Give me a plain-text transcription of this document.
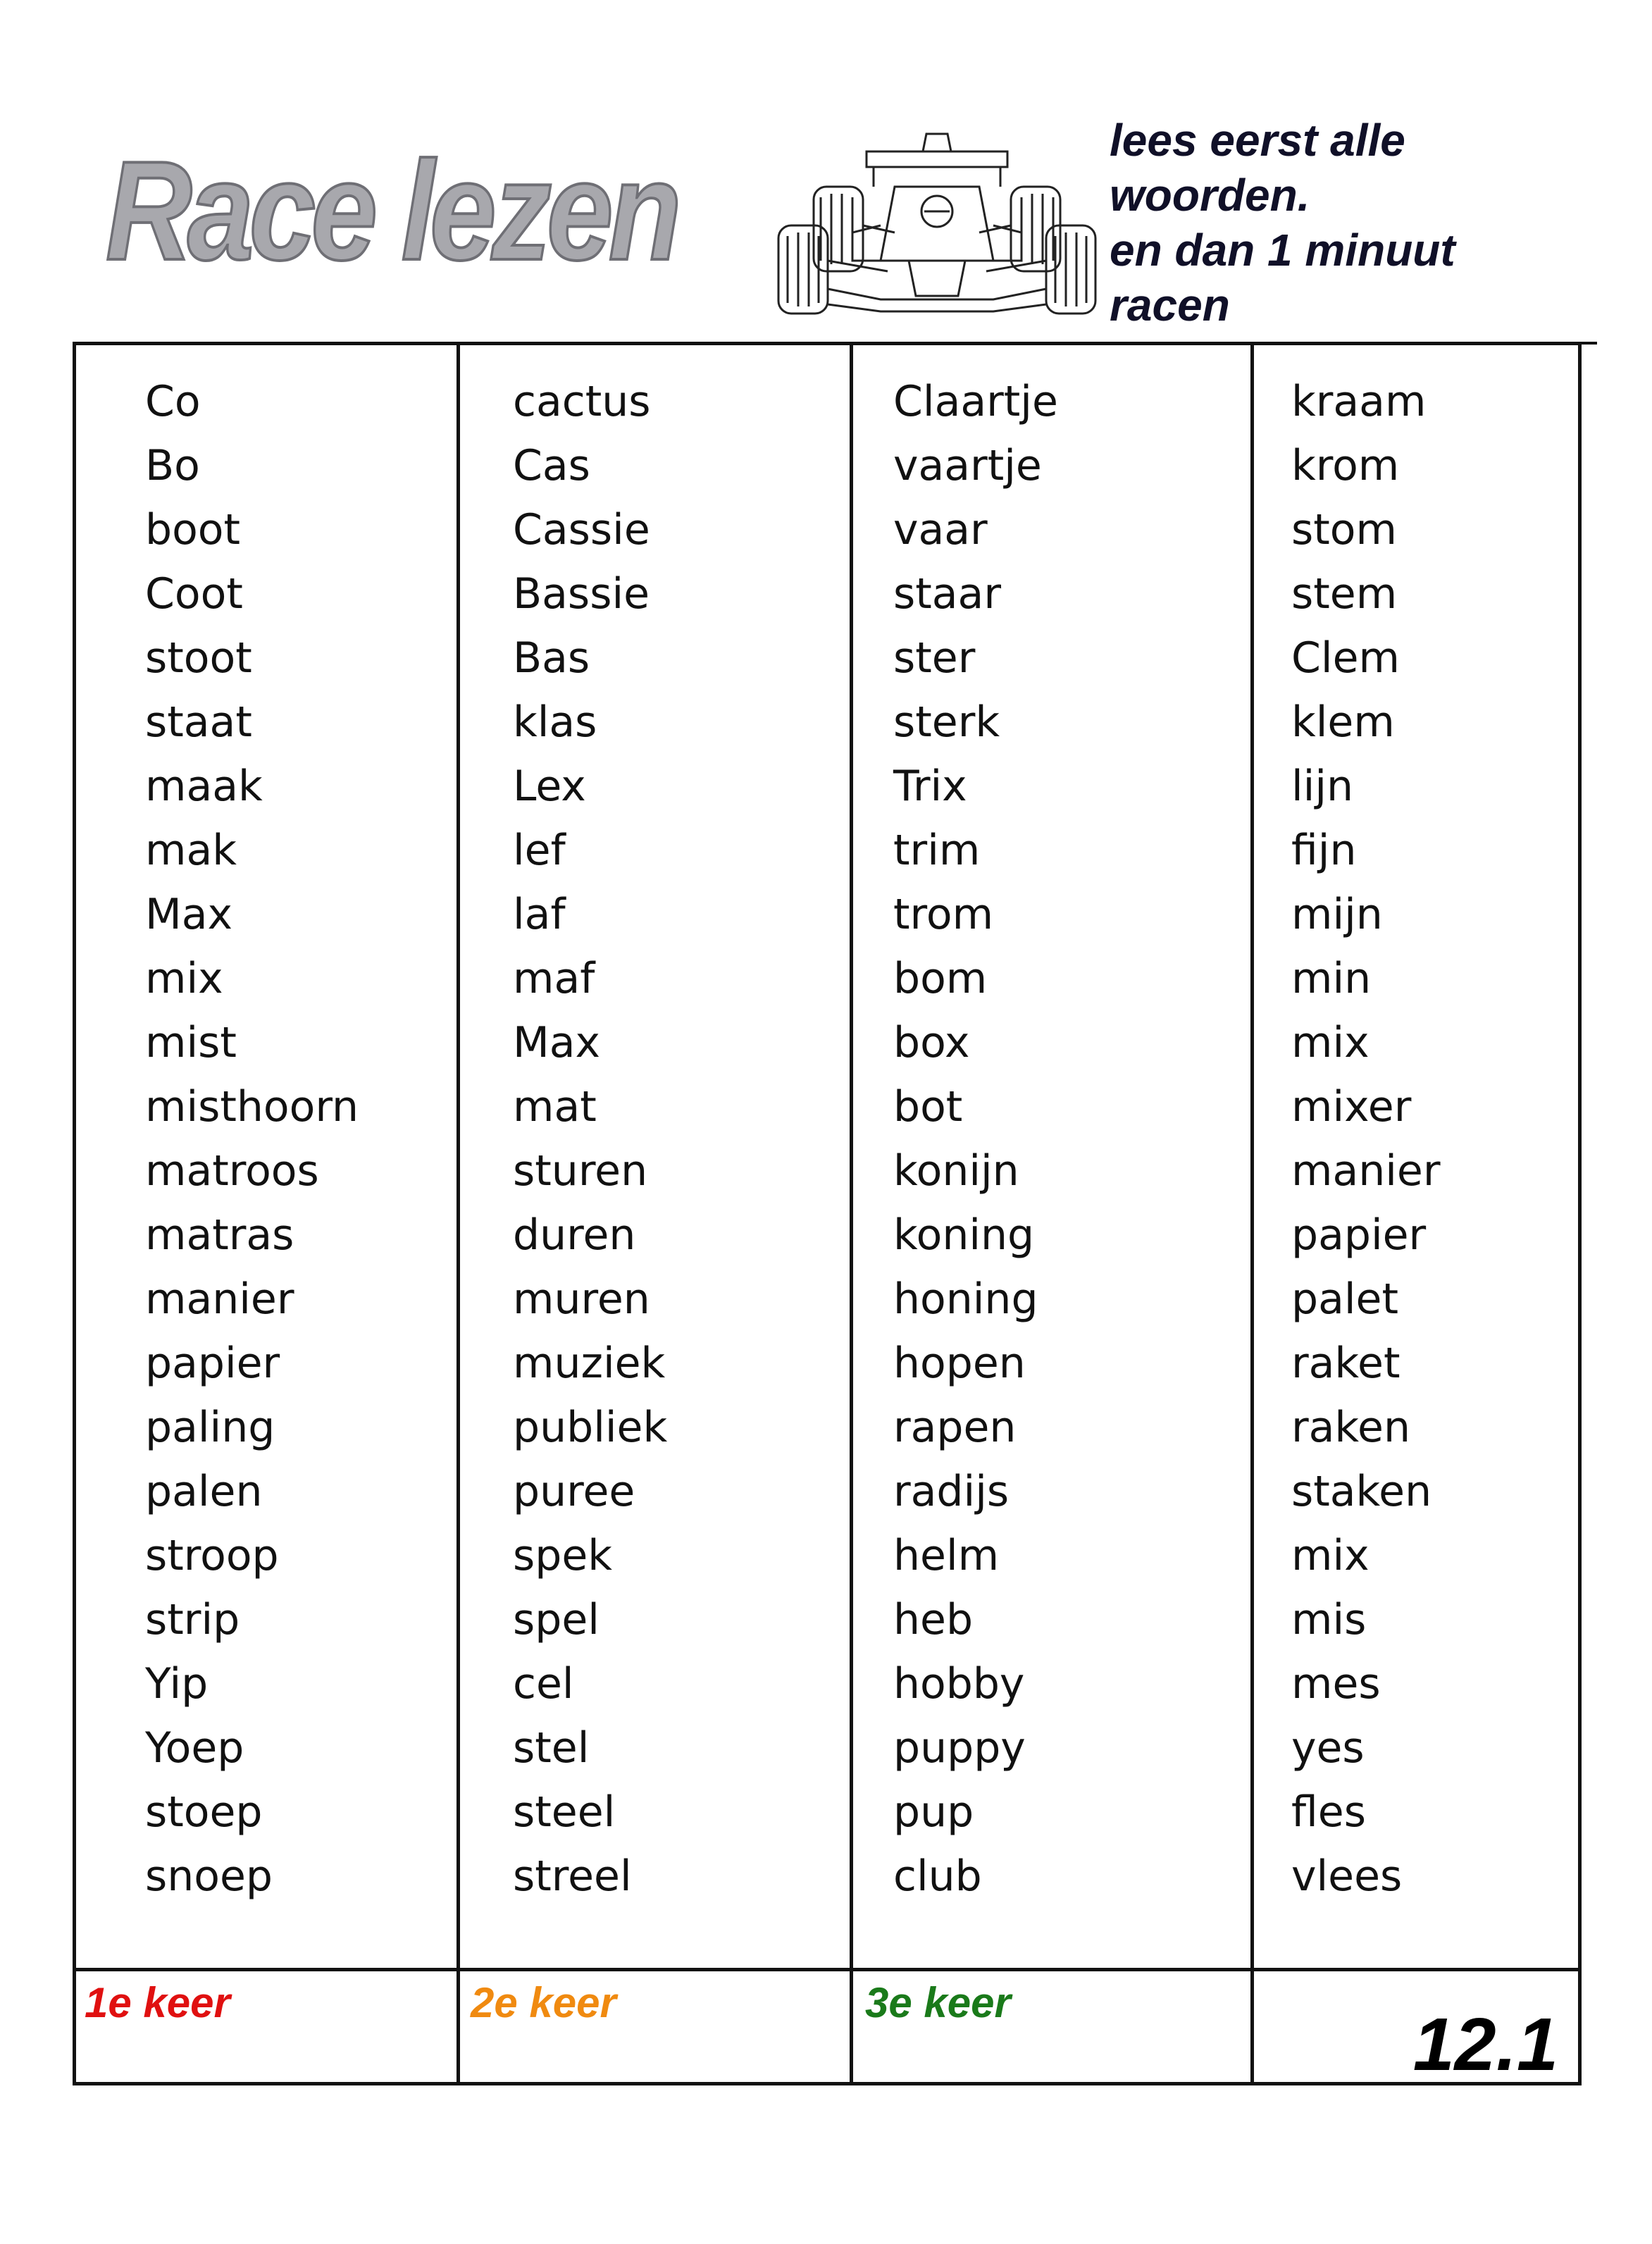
Race lezen	lees eerst alle
woorden.
en dan 1 minuut
racen
Co
Bo
boot
Coot
stoot
staat
maak
mak
Max
mix
mist
misthoorn
matroos
matras
manier
papier
paling
palen
stroop
strip
Yip
Yoep
stoep
snoep
cactus
Cas
Cassie
Bassie
Bas
klas
Lex
lef
laf
maf
Max
mat
sturen
duren
muren
muziek
publiek
puree
spek
spel
cel
stel
steel
streel
Claartje
vaartje
vaar
staar
ster
sterk
Trix
trim
trom
bom
box
bot
konijn
koning
honing
hopen
rapen
radijs
helm
heb
hobby
puppy
pup
club
kraam
krom
stom
stem
Clem
klem
lijn
fijn
mijn
min
mix
mixer
manier
papier
palet
raket
raken
staken
mix
mis
mes
yes
fles
vlees
1e keer	2e keer	3e keer
12.1
